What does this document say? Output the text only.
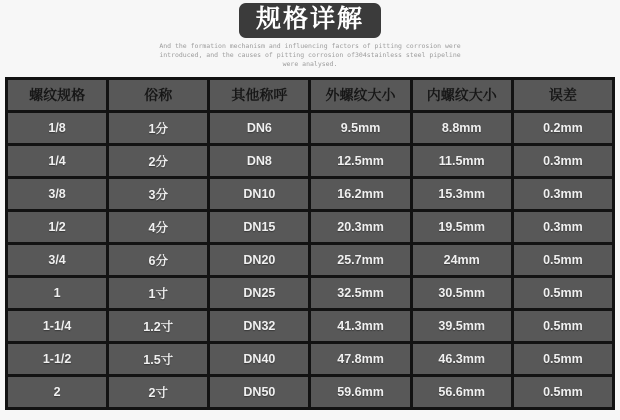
规格详解

And the formation mechanism and influencing factors of pitting corrosion were introduced, and the causes of pitting corrosion of304stainless steel pipeline were analysed.

螺纹规格	俗称	其他称呼	外螺纹大小	内螺纹大小	误差
1/8	1分	DN6	9.5mm	8.8mm	0.2mm
1/4	2分	DN8	12.5mm	11.5mm	0.3mm
3/8	3分	DN10	16.2mm	15.3mm	0.3mm
1/2	4分	DN15	20.3mm	19.5mm	0.3mm
3/4	6分	DN20	25.7mm	24mm	0.5mm
1	1寸	DN25	32.5mm	30.5mm	0.5mm
1-1/4	1.2寸	DN32	41.3mm	39.5mm	0.5mm
1-1/2	1.5寸	DN40	47.8mm	46.3mm	0.5mm
2	2寸	DN50	59.6mm	56.6mm	0.5mm
